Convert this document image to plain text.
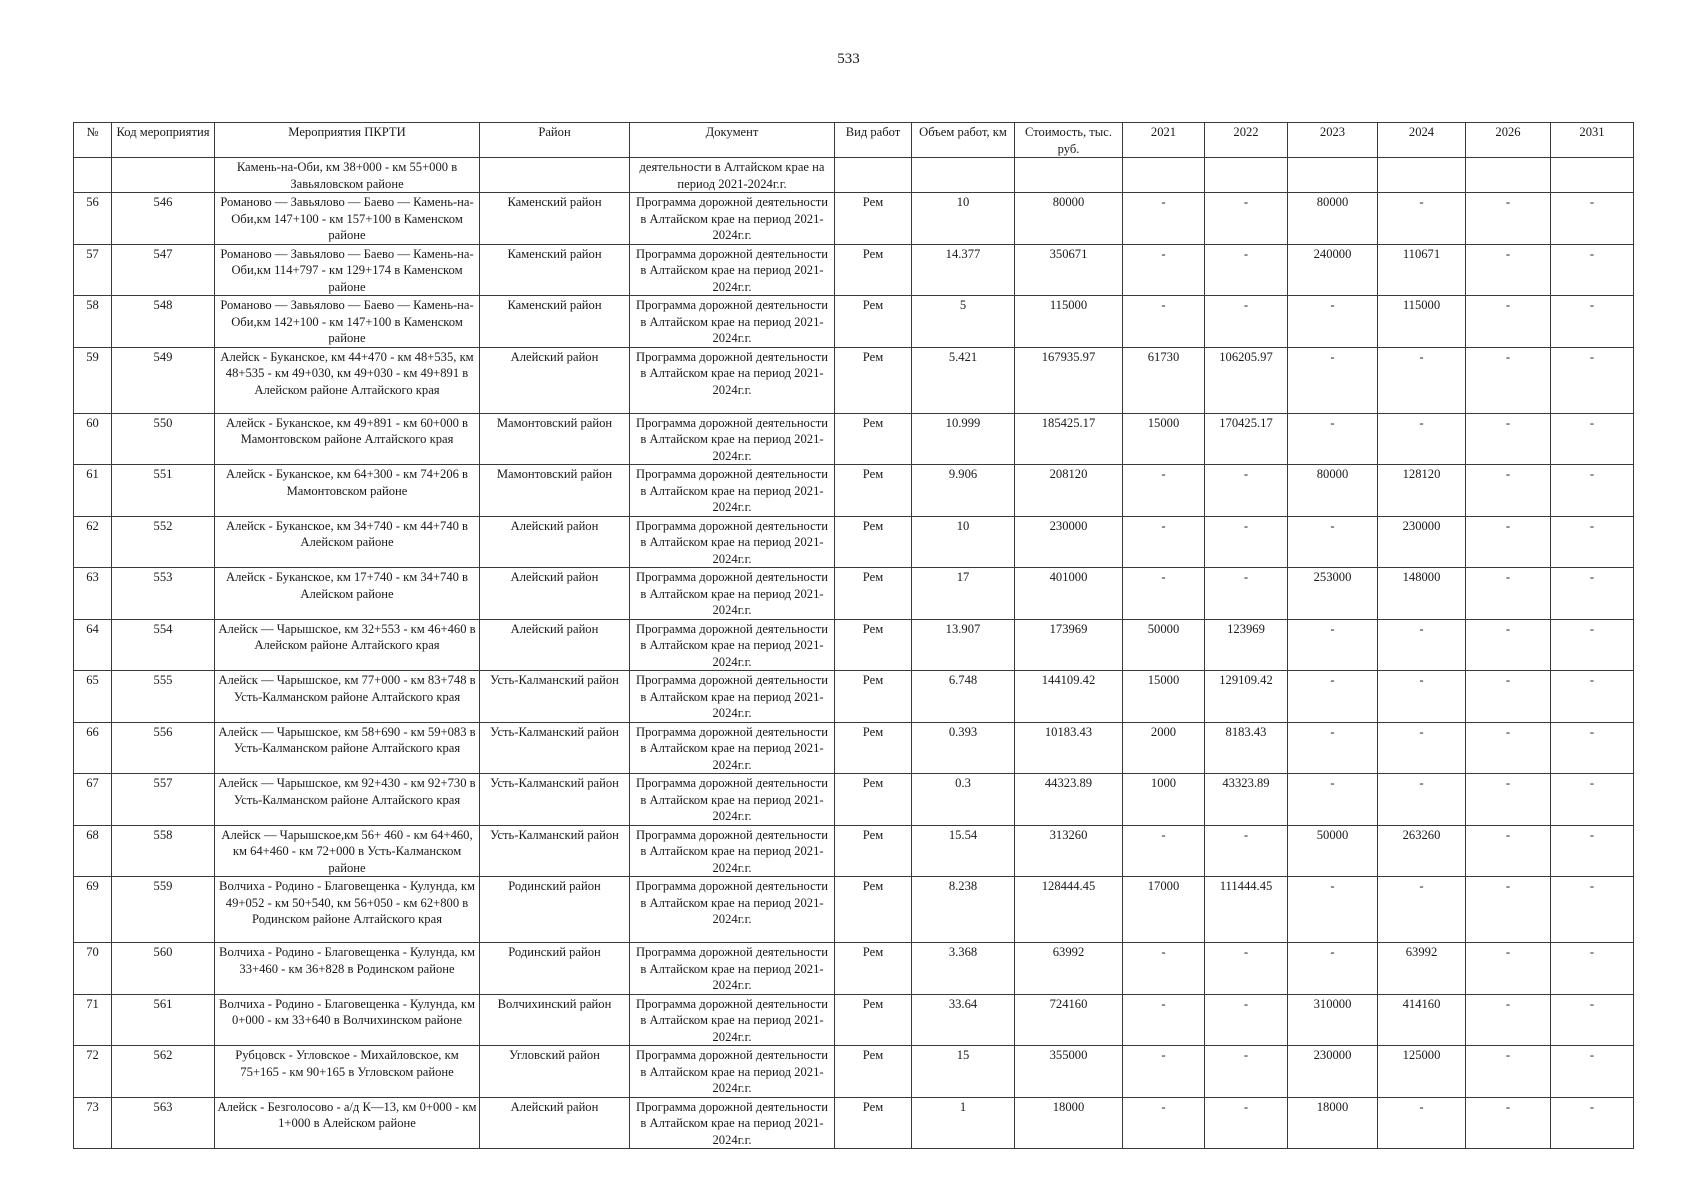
533
№	Код мероприятия	Мероприятия ПКРТИ	Район	Документ	Вид работ	Объем работ, км	Стоимость, тыс. руб.	2021	2022	2023	2024	2026	2031
		Камень-на-Оби, км 38+000 - км 55+000 в Завьяловском районе		деятельности в Алтайском крае на период 2021-2024г.г.									
56	546	Романово — Завьялово — Баево — Камень-на-Оби,км 147+100 - км 157+100 в Каменском районе	Каменский район	Программа дорожной деятельности в Алтайском крае на период 2021-2024г.г.	Рем	10	80000	-	-	80000	-	-	-
57	547	Романово — Завьялово — Баево — Камень-на-Оби,км 114+797 - км 129+174 в Каменском районе	Каменский район	Программа дорожной деятельности в Алтайском крае на период 2021-2024г.г.	Рем	14.377	350671	-	-	240000	110671	-	-
58	548	Романово — Завьялово — Баево — Камень-на-Оби,км 142+100 - км 147+100 в Каменском районе	Каменский район	Программа дорожной деятельности в Алтайском крае на период 2021-2024г.г.	Рем	5	115000	-	-	-	115000	-	-
59	549	Алейск - Буканское, км 44+470 - км 48+535, км 48+535 - км 49+030, км 49+030 - км 49+891 в Алейском районе Алтайского края	Алейский район	Программа дорожной деятельности в Алтайском крае на период 2021-2024г.г.	Рем	5.421	167935.97	61730	106205.97	-	-	-	-
60	550	Алейск - Буканское, км 49+891 - км 60+000 в Мамонтовском районе Алтайского края	Мамонтовский район	Программа дорожной деятельности в Алтайском крае на период 2021-2024г.г.	Рем	10.999	185425.17	15000	170425.17	-	-	-	-
61	551	Алейск - Буканское, км 64+300 - км 74+206 в Мамонтовском районе	Мамонтовский район	Программа дорожной деятельности в Алтайском крае на период 2021-2024г.г.	Рем	9.906	208120	-	-	80000	128120	-	-
62	552	Алейск - Буканское, км 34+740 - км 44+740 в Алейском районе	Алейский район	Программа дорожной деятельности в Алтайском крае на период 2021-2024г.г.	Рем	10	230000	-	-	-	230000	-	-
63	553	Алейск - Буканское, км 17+740 - км 34+740 в Алейском районе	Алейский район	Программа дорожной деятельности в Алтайском крае на период 2021-2024г.г.	Рем	17	401000	-	-	253000	148000	-	-
64	554	Алейск — Чарышское, км 32+553 - км 46+460 в Алейском районе Алтайского края	Алейский район	Программа дорожной деятельности в Алтайском крае на период 2021-2024г.г.	Рем	13.907	173969	50000	123969	-	-	-	-
65	555	Алейск — Чарышское, км 77+000 - км 83+748 в Усть-Калманском районе Алтайского края	Усть-Калманский район	Программа дорожной деятельности в Алтайском крае на период 2021-2024г.г.	Рем	6.748	144109.42	15000	129109.42	-	-	-	-
66	556	Алейск — Чарышское, км 58+690 - км 59+083 в Усть-Калманском районе Алтайского края	Усть-Калманский район	Программа дорожной деятельности в Алтайском крае на период 2021-2024г.г.	Рем	0.393	10183.43	2000	8183.43	-	-	-	-
67	557	Алейск — Чарышское, км 92+430 - км 92+730 в Усть-Калманском районе Алтайского края	Усть-Калманский район	Программа дорожной деятельности в Алтайском крае на период 2021-2024г.г.	Рем	0.3	44323.89	1000	43323.89	-	-	-	-
68	558	Алейск — Чарышское,км 56+ 460 - км 64+460, км 64+460 - км 72+000 в Усть-Калманском районе	Усть-Калманский район	Программа дорожной деятельности в Алтайском крае на период 2021-2024г.г.	Рем	15.54	313260	-	-	50000	263260	-	-
69	559	Волчиха - Родино - Благовещенка - Кулунда, км 49+052 - км 50+540, км 56+050 - км 62+800 в Родинском районе Алтайского края	Родинский район	Программа дорожной деятельности в Алтайском крае на период 2021-2024г.г.	Рем	8.238	128444.45	17000	111444.45	-	-	-	-
70	560	Волчиха - Родино - Благовещенка - Кулунда, км 33+460 - км 36+828 в Родинском районе	Родинский район	Программа дорожной деятельности в Алтайском крае на период 2021-2024г.г.	Рем	3.368	63992	-	-	-	63992	-	-
71	561	Волчиха - Родино - Благовещенка - Кулунда, км 0+000 - км 33+640 в Волчихинском районе	Волчихинский район	Программа дорожной деятельности в Алтайском крае на период 2021-2024г.г.	Рем	33.64	724160	-	-	310000	414160	-	-
72	562	Рубцовск - Угловское - Михайловское, км 75+165 - км 90+165 в Угловском районе	Угловский район	Программа дорожной деятельности в Алтайском крае на период 2021-2024г.г.	Рем	15	355000	-	-	230000	125000	-	-
73	563	Алейск - Безголосово - а/д К—13, км 0+000 - км 1+000 в Алейском районе	Алейский район	Программа дорожной деятельности в Алтайском крае на период 2021-2024г.г.	Рем	1	18000	-	-	18000	-	-	-
